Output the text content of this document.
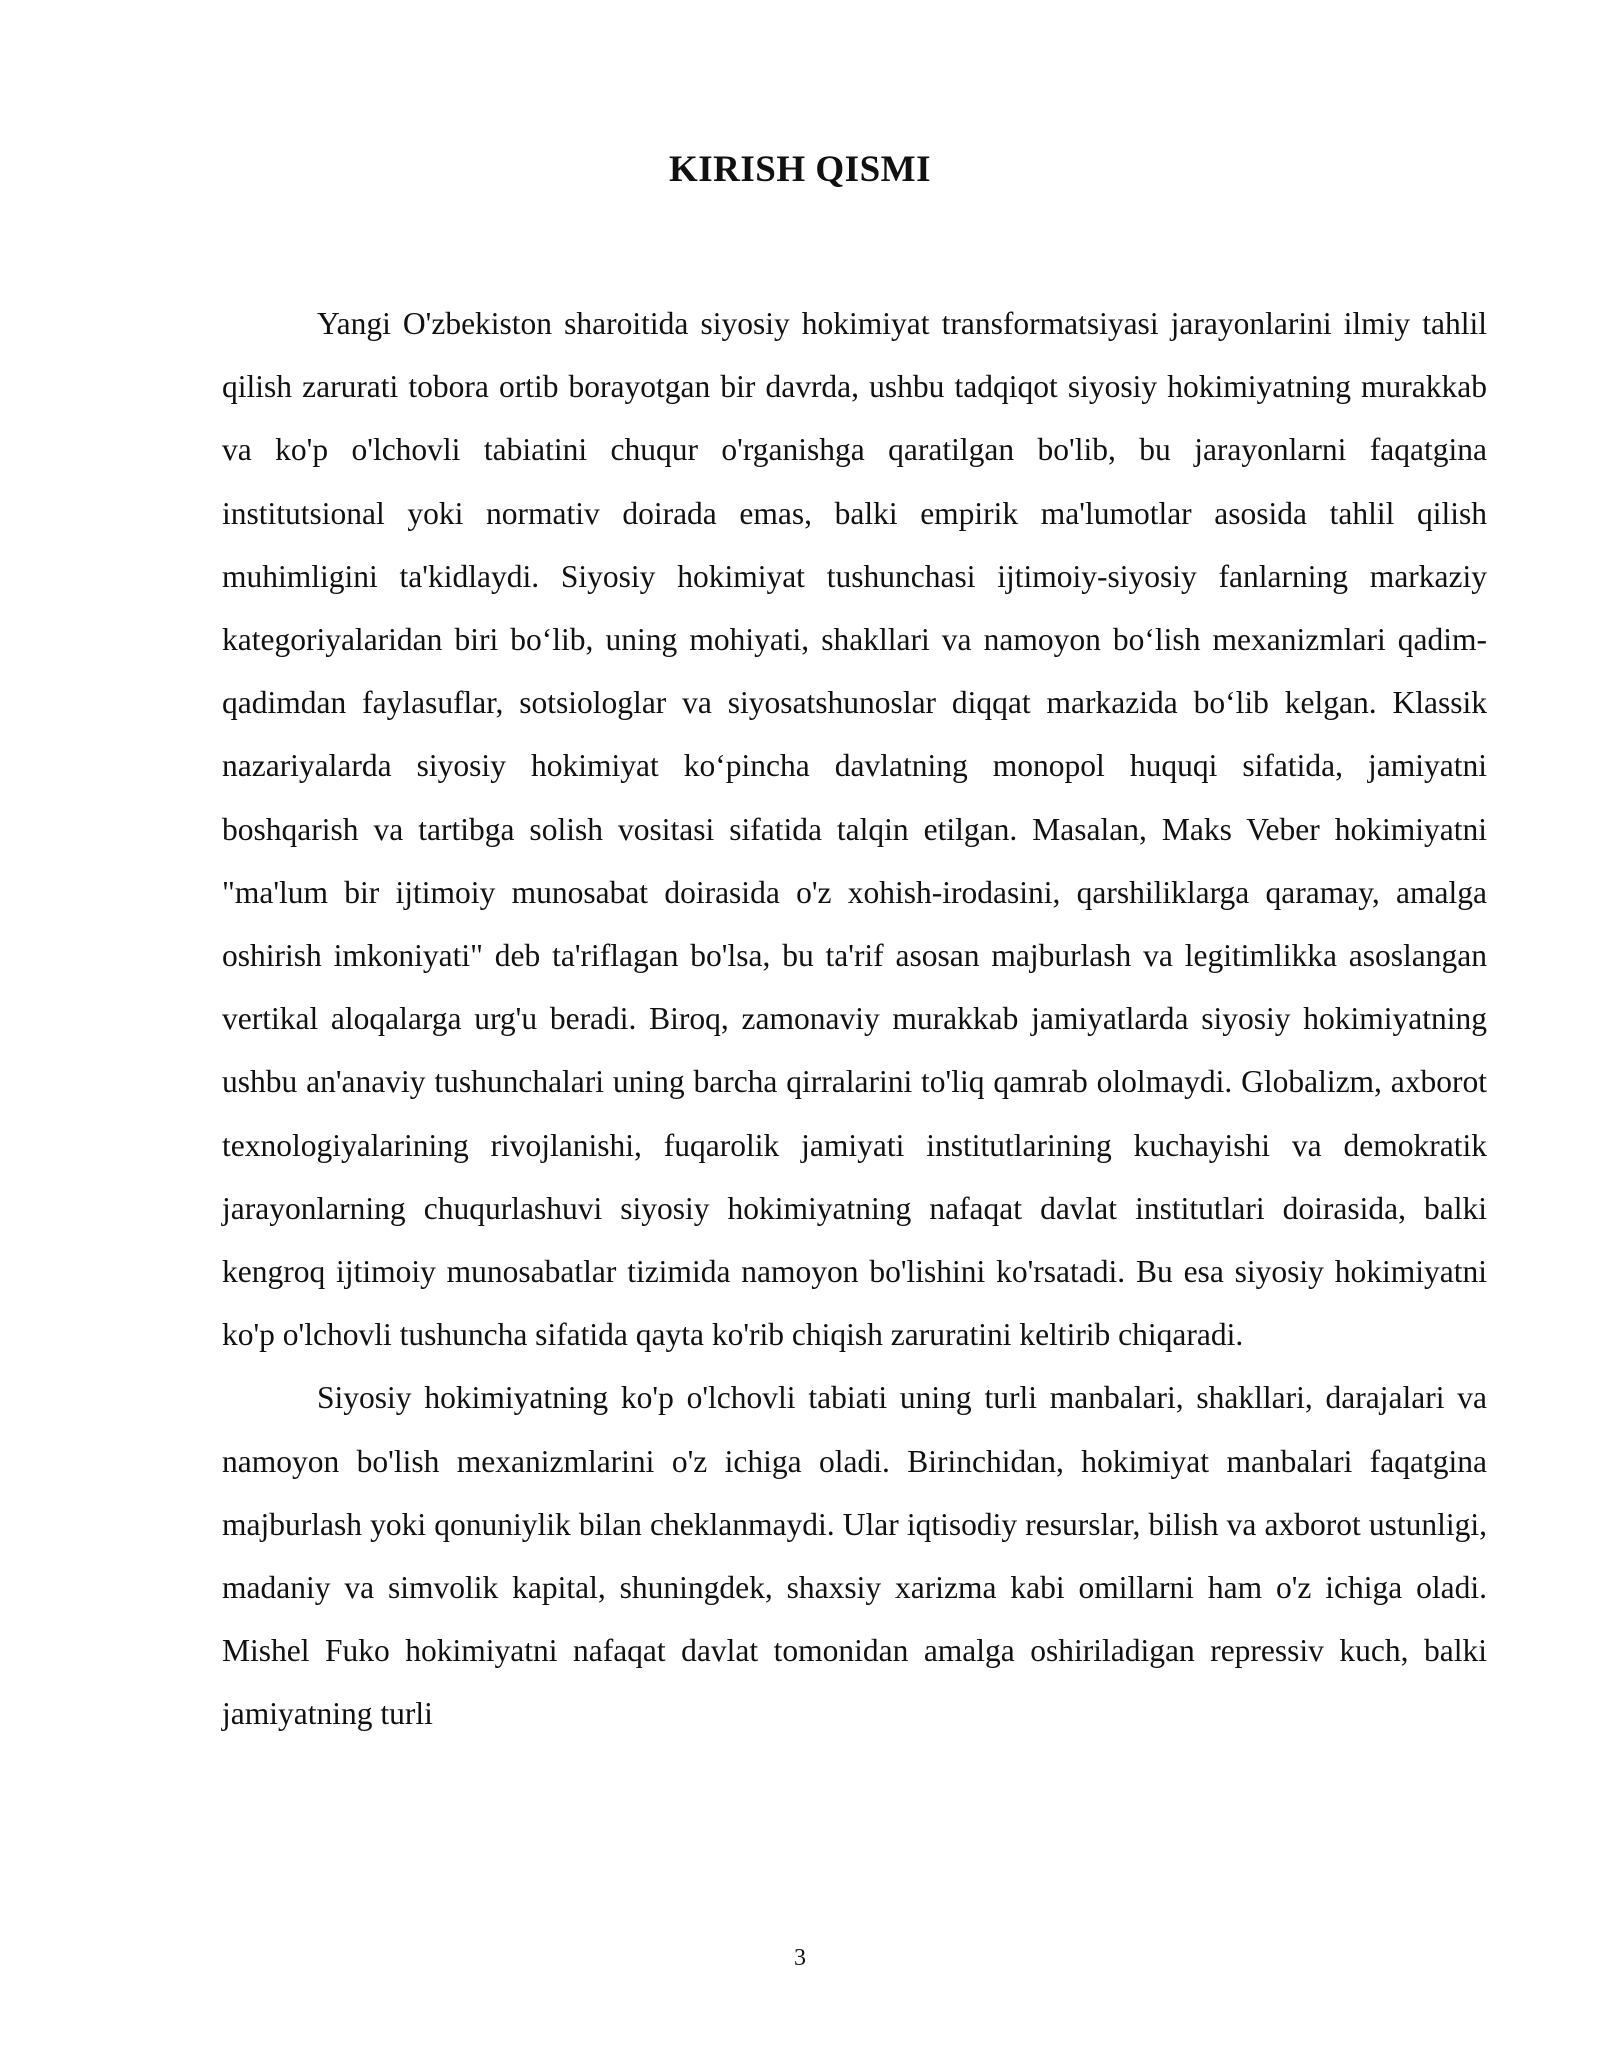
KIRISH QISMI

Yangi O'zbekiston sharoitida siyosiy hokimiyat transformatsiyasi jarayonlarini ilmiy tahlil qilish zarurati tobora ortib borayotgan bir davrda, ushbu tadqiqot siyosiy hokimiyatning murakkab va ko'p o'lchovli tabiatini chuqur o'rganishga qaratilgan bo'lib, bu jarayonlarni faqatgina institutsional yoki normativ doirada emas, balki empirik ma'lumotlar asosida tahlil qilish muhimligini ta'kidlaydi. Siyosiy hokimiyat tushunchasi ijtimoiy-siyosiy fanlarning markaziy kategoriyalaridan biri bo‘lib, uning mohiyati, shakllari va namoyon bo‘lish mexanizmlari qadim-qadimdan faylasuflar, sotsiologlar va siyosatshunoslar diqqat markazida bo‘lib kelgan. Klassik nazariyalarda siyosiy hokimiyat ko‘pincha davlatning monopol huquqi sifatida, jamiyatni boshqarish va tartibga solish vositasi sifatida talqin etilgan. Masalan, Maks Veber hokimiyatni "ma'lum bir ijtimoiy munosabat doirasida o'z xohish-irodasini, qarshiliklarga qaramay, amalga oshirish imkoniyati" deb ta'riflagan bo'lsa, bu ta'rif asosan majburlash va legitimlikka asoslangan vertikal aloqalarga urg'u beradi. Biroq, zamonaviy murakkab jamiyatlarda siyosiy hokimiyatning ushbu an'anaviy tushunchalari uning barcha qirralarini to'liq qamrab ololmaydi. Globalizm, axborot texnologiyalarining rivojlanishi, fuqarolik jamiyati institutlarining kuchayishi va demokratik jarayonlarning chuqurlashuvi siyosiy hokimiyatning nafaqat davlat institutlari doirasida, balki kengroq ijtimoiy munosabatlar tizimida namoyon bo'lishini ko'rsatadi. Bu esa siyosiy hokimiyatni ko'p o'lchovli tushuncha sifatida qayta ko'rib chiqish zaruratini keltirib chiqaradi.

Siyosiy hokimiyatning ko'p o'lchovli tabiati uning turli manbalari, shakllari, darajalari va namoyon bo'lish mexanizmlarini o'z ichiga oladi. Birinchidan, hokimiyat manbalari faqatgina majburlash yoki qonuniylik bilan cheklanmaydi. Ular iqtisodiy resurslar, bilish va axborot ustunligi, madaniy va simvolik kapital, shuningdek, shaxsiy xarizma kabi omillarni ham o'z ichiga oladi. Mishel Fuko hokimiyatni nafaqat davlat tomonidan amalga oshiriladigan repressiv kuch, balki jamiyatning turli

3
